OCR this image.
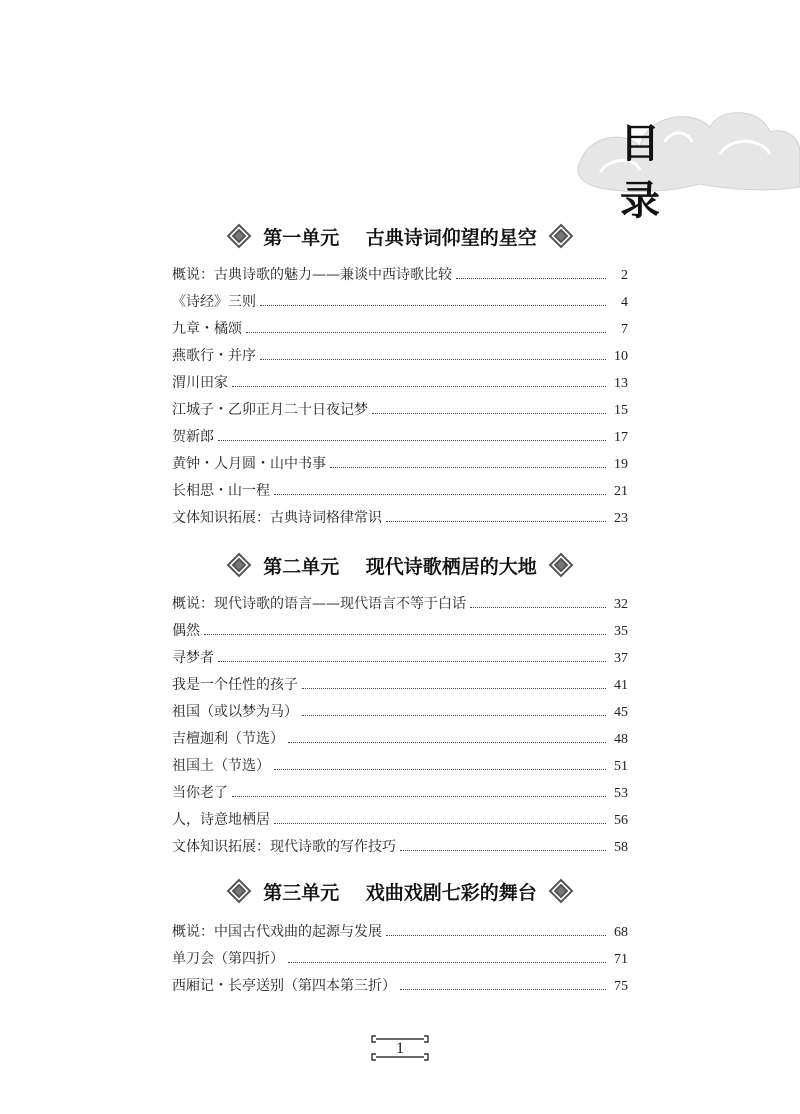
目 录
第一单元    古典诗词仰望的星空
概说：古典诗歌的魅力——兼谈中西诗歌比较	2
《诗经》三则	4
九章・橘颂	7
燕歌行・并序	10
渭川田家	13
江城子・乙卯正月二十日夜记梦	15
贺新郎	17
黄钟・人月圆・山中书事	19
长相思・山一程	21
文体知识拓展：古典诗词格律常识	23
第二单元    现代诗歌栖居的大地
概说：现代诗歌的语言——现代语言不等于白话	32
偶然	35
寻梦者	37
我是一个任性的孩子	41
祖国（或以梦为马）	45
吉檀迦利（节选）	48
祖国土（节选）	51
当你老了	53
人，诗意地栖居	56
文体知识拓展：现代诗歌的写作技巧	58
第三单元    戏曲戏剧七彩的舞台
概说：中国古代戏曲的起源与发展	68
单刀会（第四折）	71
西厢记・长亭送别（第四本第三折）	75
1
